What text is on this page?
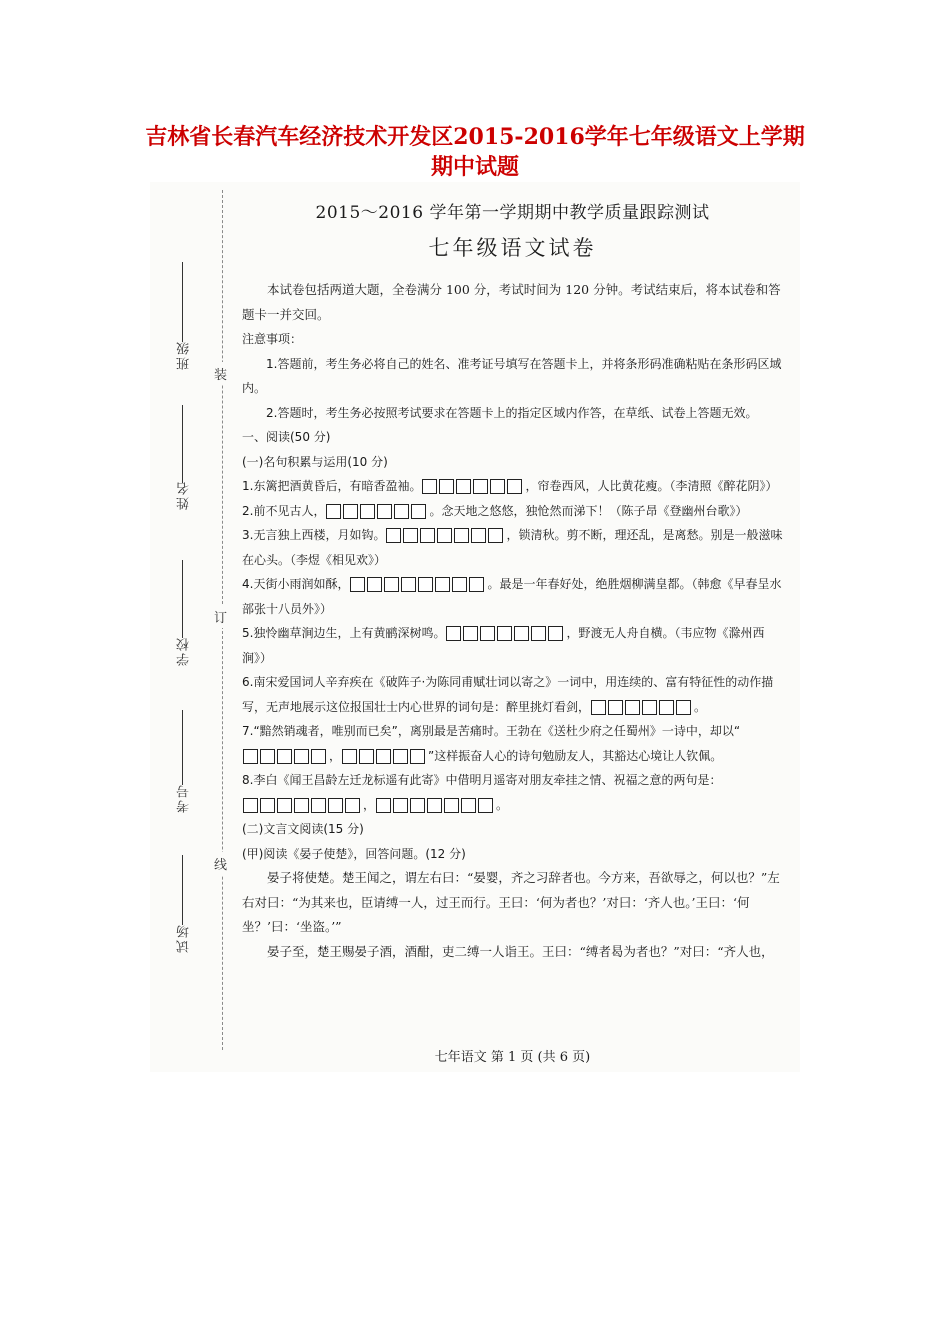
吉林省长春汽车经济技术开发区2015-2016学年七年级语文上学期
期中试题
班级
姓名
学校
考号
试场
装
订
线
2015～2016 学年第一学期期中教学质量跟踪测试
七年级语文试卷

本试卷包括两道大题，全卷满分 100 分，考试时间为 120 分钟。考试结束后，将本试卷和答题卡一并交回。

注意事项：

1.答题前，考生务必将自己的姓名、准考证号填写在答题卡上，并将条形码准确粘贴在条形码区域内。

2.答题时，考生务必按照考试要求在答题卡上的指定区域内作答，在草纸、试卷上答题无效。

一、阅读(50 分)

(一)名句积累与运用(10 分)

1.东篱把酒黄昏后，有暗香盈袖。	，帘卷西风，人比黄花瘦。（李清照《醉花阴》）

2.前不见古人，	。念天地之悠悠，独怆然而涕下！（陈子昂《登幽州台歌》）

3.无言独上西楼，月如钩。	，锁清秋。剪不断，理还乱，是离愁。别是一般滋味在心头。（李煜《相见欢》）

4.天街小雨润如酥，	。最是一年春好处，绝胜烟柳满皇都。（韩愈《早春呈水部张十八员外》）

5.独怜幽草涧边生，上有黄鹂深树鸣。	，野渡无人舟自横。（韦应物《滁州西涧》）

6.南宋爱国词人辛弃疾在《破阵子·为陈同甫赋壮词以寄之》一词中，用连续的、富有特征性的动作描写，无声地展示这位报国壮士内心世界的词句是：醉里挑灯看剑，	。

7.“黯然销魂者，唯别而已矣”，离别最是苦痛时。王勃在《送杜少府之任蜀州》一诗中，却以“
，	”这样振奋人心的诗句勉励友人，其豁达心境让人钦佩。

8.李白《闻王昌龄左迁龙标遥有此寄》中借明月遥寄对朋友牵挂之情、祝福之意的两句是：
，	。

(二)文言文阅读(15 分)

(甲)阅读《晏子使楚》，回答问题。(12 分)

晏子将使楚。楚王闻之，谓左右曰：“晏婴，齐之习辞者也。今方来，吾欲辱之，何以也？”左右对曰：“为其来也，臣请缚一人，过王而行。王曰：‘何为者也？’对曰：‘齐人也。’王曰：‘何坐？’曰：‘坐盗。’”

晏子至，楚王赐晏子酒，酒酣，吏二缚一人诣王。王曰：“缚者曷为者也？”对曰：“齐人也，

七年语文 第 1 页 (共 6 页)
